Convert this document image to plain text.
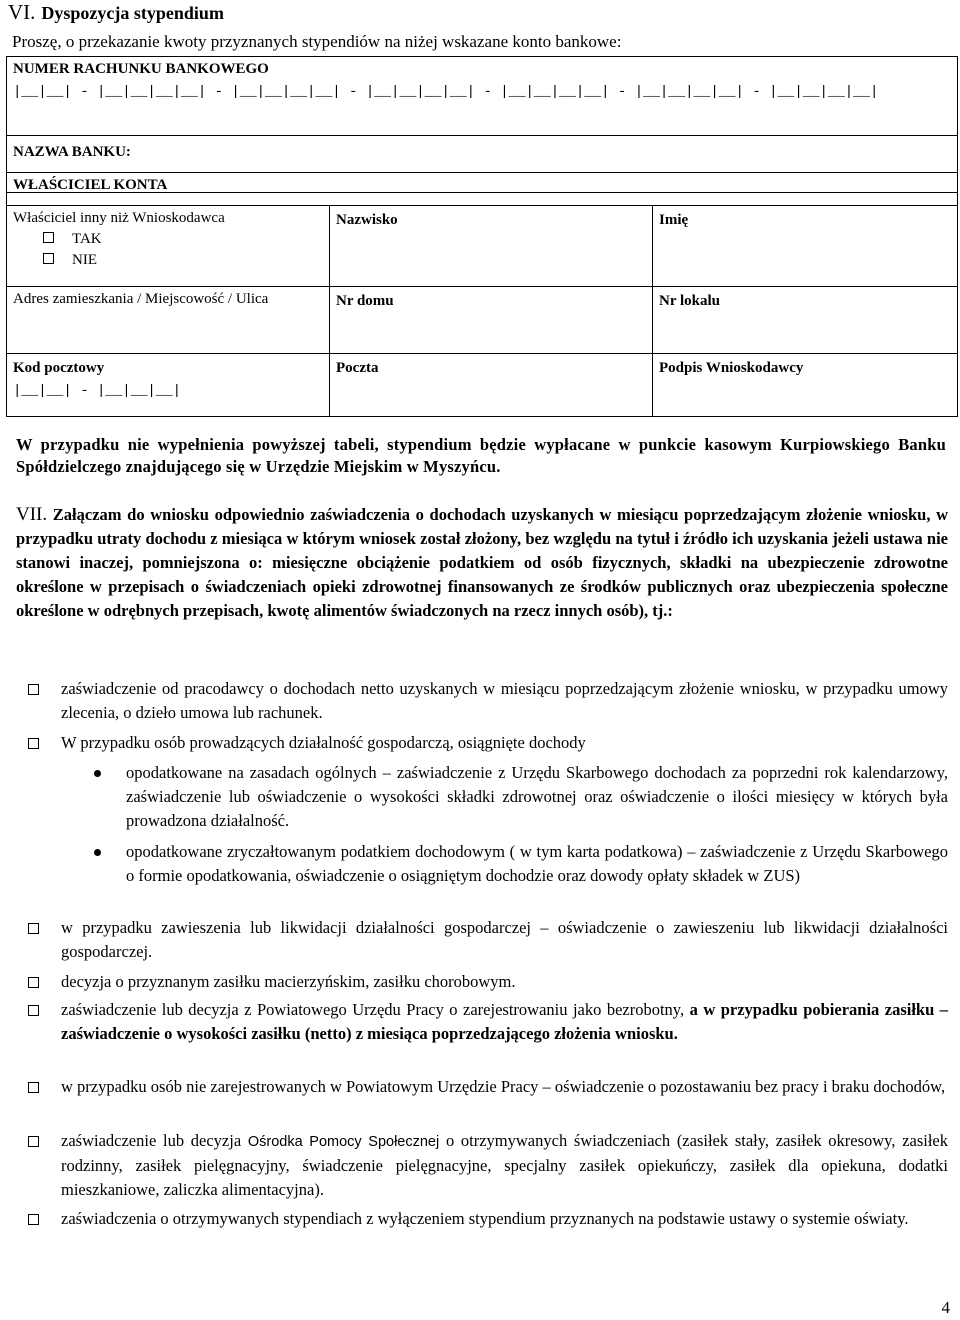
VI. Dyspozycja stypendium
Proszę, o przekazanie kwoty przyznanych stypendiów na niżej wskazane konto bankowe:
NUMER RACHUNKU BANKOWEGO
|__|__| - |__|__|__|__| - |__|__|__|__| - |__|__|__|__| - |__|__|__|__| - |__|__|__|__| - |__|__|__|__|

NAZWA BANKU:
WŁAŚCICIEL KONTA		

Właściciel inny niż Wnioskodawca
TAK
NIE	Nazwisko	Imię
Adres zamieszkania / Miejscowość / Ulica	Nr domu	Nr lokalu

Kod pocztowy
|__|__| - |__|__|__|	Poczta	Podpis Wnioskodawcy
W przypadku nie wypełnienia powyższej tabeli, stypendium będzie wypłacane w punkcie kasowym Kurpiowskiego Banku Spółdzielczego znajdującego się w Urzędzie Miejskim w Myszyńcu.
VII. Załączam do wniosku odpowiednio zaświadczenia o dochodach uzyskanych w miesiącu poprzedzającym złożenie wniosku, w przypadku utraty dochodu z miesiąca w którym wniosek został złożony, bez względu na tytuł i źródło ich uzyskania jeżeli ustawa nie stanowi inaczej, pomniejszona o: miesięczne obciążenie podatkiem od osób fizycznych, składki na ubezpieczenie zdrowotne określone w przepisach o świadczeniach opieki zdrowotnej finansowanych ze środków publicznych oraz ubezpieczenia społeczne określone w odrębnych przepisach, kwotę alimentów świadczonych na rzecz innych osób), tj.:
zaświadczenie od pracodawcy o dochodach netto uzyskanych w miesiącu poprzedzającym złożenie wniosku, w przypadku umowy zlecenia, o dzieło umowa lub rachunek.
W przypadku osób prowadzących działalność gospodarczą, osiągnięte dochody
opodatkowane na zasadach ogólnych – zaświadczenie z Urzędu Skarbowego dochodach za poprzedni rok kalendarzowy, zaświadczenie lub oświadczenie o wysokości składki zdrowotnej oraz oświadczenie o ilości miesięcy w których była prowadzona działalność.
opodatkowane zryczałtowanym podatkiem dochodowym ( w tym karta podatkowa) – zaświadczenie z Urzędu Skarbowego o formie opodatkowania, oświadczenie o osiągniętym dochodzie oraz dowody opłaty składek w ZUS)
w przypadku zawieszenia lub likwidacji działalności gospodarczej – oświadczenie o zawieszeniu lub likwidacji działalności gospodarczej.
decyzja o przyznanym zasiłku macierzyńskim, zasiłku chorobowym.
zaświadczenie lub decyzja z Powiatowego Urzędu Pracy o zarejestrowaniu jako bezrobotny, a w przypadku pobierania zasiłku – zaświadczenie o wysokości zasiłku (netto) z miesiąca poprzedzającego złożenia wniosku.
w przypadku osób nie zarejestrowanych w Powiatowym Urzędzie Pracy – oświadczenie o pozostawaniu bez pracy i braku dochodów,
zaświadczenie lub decyzja Ośrodka Pomocy Społecznej o otrzymywanych świadczeniach (zasiłek stały, zasiłek okresowy, zasiłek rodzinny, zasiłek pielęgnacyjny, świadczenie pielęgnacyjne, specjalny zasiłek opiekuńczy, zasiłek dla opiekuna, dodatki mieszkaniowe, zaliczka alimentacyjna).
zaświadczenia o otrzymywanych stypendiach z wyłączeniem stypendium przyznanych na podstawie ustawy o systemie oświaty.
4
